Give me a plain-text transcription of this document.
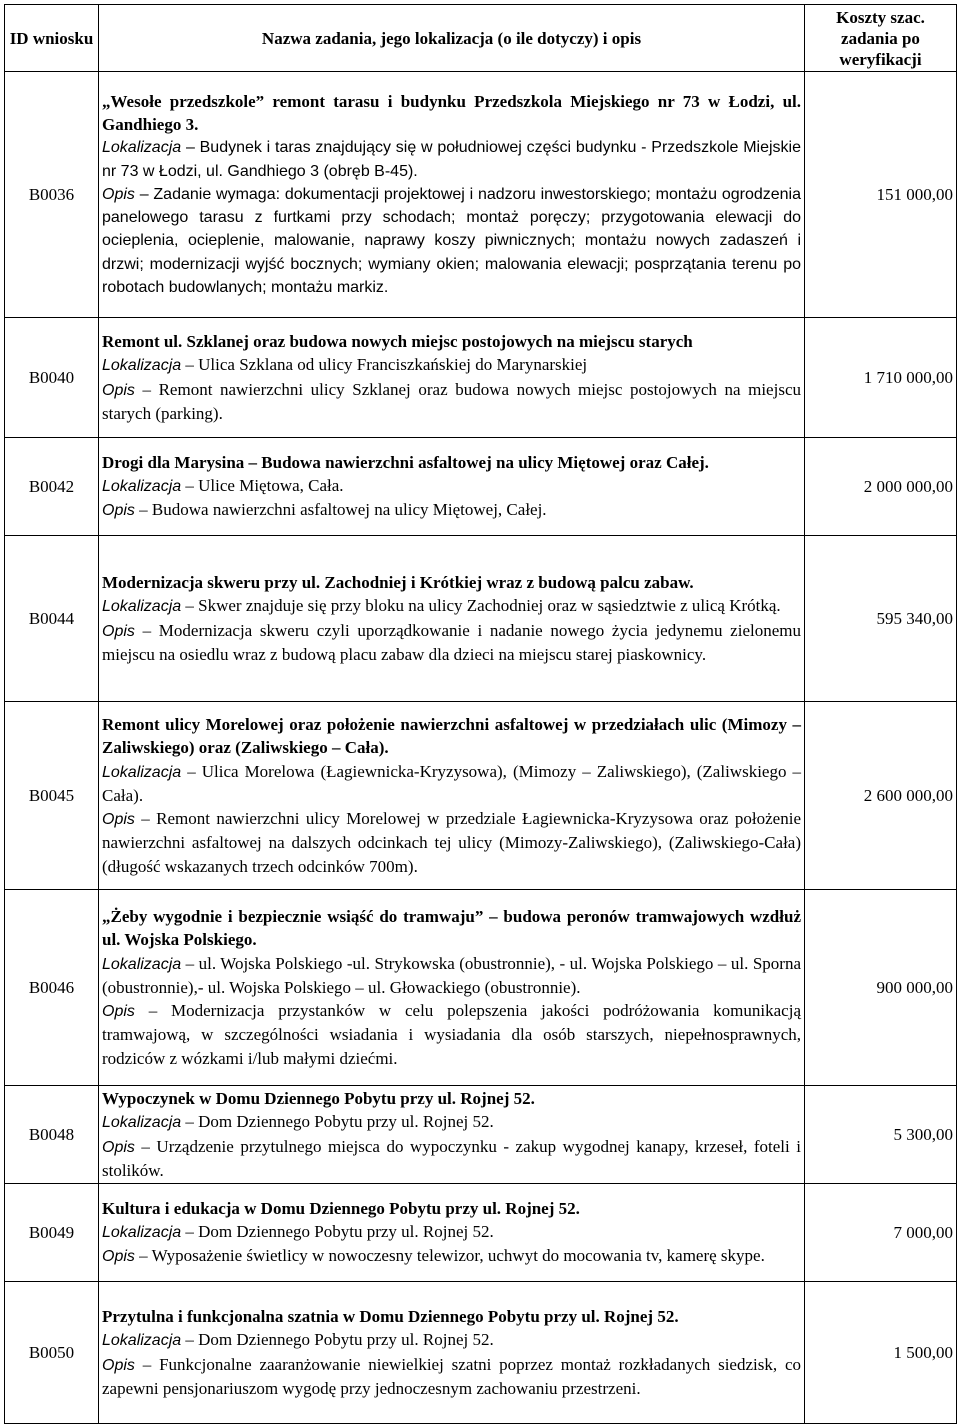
ID wniosku	Nazwa zadania, jego lokalizacja (o ile dotyczy) i opis	Koszty szac. zadania po weryfikacji
B0036	„Wesołe przedszkole” remont tarasu i budynku Przedszkola Miejskiego nr 73 w Łodzi, ul. Gandhiego 3.
Lokalizacja – Budynek i taras znajdujący się w południowej części budynku - Przedszkole Miejskie nr 73 w Łodzi, ul. Gandhiego 3 (obręb B-45).
Opis – Zadanie wymaga: dokumentacji projektowej i nadzoru inwestorskiego; montażu ogrodzenia panelowego tarasu z furtkami przy schodach; montaż poręczy; przygotowania elewacji do ocieplenia, ocieplenie, malowanie, naprawy koszy piwnicznych; montażu nowych zadaszeń i drzwi; modernizacji wyjść bocznych; wymiany okien; malowania elewacji; posprzątania terenu po robotach budowlanych; montażu markiz.	151 000,00
B0040	Remont ul. Szklanej oraz budowa nowych miejsc postojowych na miejscu starych
Lokalizacja – Ulica Szklana od ulicy Franciszkańskiej do Marynarskiej
Opis – Remont nawierzchni ulicy Szklanej oraz budowa nowych miejsc postojowych na miejscu starych (parking).	1 710 000,00
B0042	Drogi dla Marysina – Budowa nawierzchni asfaltowej na ulicy Miętowej oraz Całej.
Lokalizacja – Ulice Miętowa, Cała.
Opis – Budowa nawierzchni asfaltowej na ulicy Miętowej, Całej.	2 000 000,00
B0044	Modernizacja skweru przy ul. Zachodniej i Krótkiej wraz z budową palcu zabaw.
Lokalizacja – Skwer znajduje się przy bloku na ulicy Zachodniej oraz w sąsiedztwie z ulicą Krótką.
Opis – Modernizacja skweru czyli uporządkowanie i nadanie nowego życia jedynemu zielonemu miejscu na osiedlu wraz z budową placu zabaw dla dzieci na miejscu starej piaskownicy.	595 340,00
B0045	Remont ulicy Morelowej oraz położenie nawierzchni asfaltowej w przedziałach ulic (Mimozy – Zaliwskiego) oraz (Zaliwskiego – Cała).
Lokalizacja – Ulica Morelowa (Łagiewnicka-Kryzysowa), (Mimozy – Zaliwskiego), (Zaliwskiego – Cała).
Opis – Remont nawierzchni ulicy Morelowej w przedziale Łagiewnicka-Kryzysowa oraz położenie nawierzchni asfaltowej na dalszych odcinkach tej ulicy (Mimozy-Zaliwskiego), (Zaliwskiego-Cała) (długość wskazanych trzech odcinków 700m).	2 600 000,00
B0046	„Żeby wygodnie i bezpiecznie wsiąść do tramwaju” – budowa peronów tramwajowych wzdłuż ul. Wojska Polskiego.
Lokalizacja – ul. Wojska Polskiego -ul. Strykowska (obustronnie), - ul. Wojska Polskiego – ul. Sporna (obustronnie),- ul. Wojska Polskiego – ul. Głowackiego (obustronnie).
Opis – Modernizacja przystanków w celu polepszenia jakości podróżowania komunikacją tramwajową, w szczególności wsiadania i wysiadania dla osób starszych, niepełnosprawnych, rodziców z wózkami i/lub małymi dziećmi.	900 000,00
B0048	Wypoczynek w Domu Dziennego Pobytu przy ul. Rojnej 52.
Lokalizacja – Dom Dziennego Pobytu przy ul. Rojnej 52.
Opis – Urządzenie przytulnego miejsca do wypoczynku - zakup wygodnej kanapy, krzeseł, foteli i stolików.	5 300,00
B0049	Kultura i edukacja w Domu Dziennego Pobytu przy ul. Rojnej 52.
Lokalizacja – Dom Dziennego Pobytu przy ul. Rojnej 52.
Opis – Wyposażenie świetlicy w nowoczesny telewizor, uchwyt do mocowania tv, kamerę skype.	7 000,00
B0050	Przytulna i funkcjonalna szatnia w Domu Dziennego Pobytu przy ul. Rojnej 52.
Lokalizacja – Dom Dziennego Pobytu przy ul. Rojnej 52.
Opis – Funkcjonalne zaaranżowanie niewielkiej szatni poprzez montaż rozkładanych siedzisk, co zapewni pensjonariuszom wygodę przy jednoczesnym zachowaniu przestrzeni.	1 500,00
